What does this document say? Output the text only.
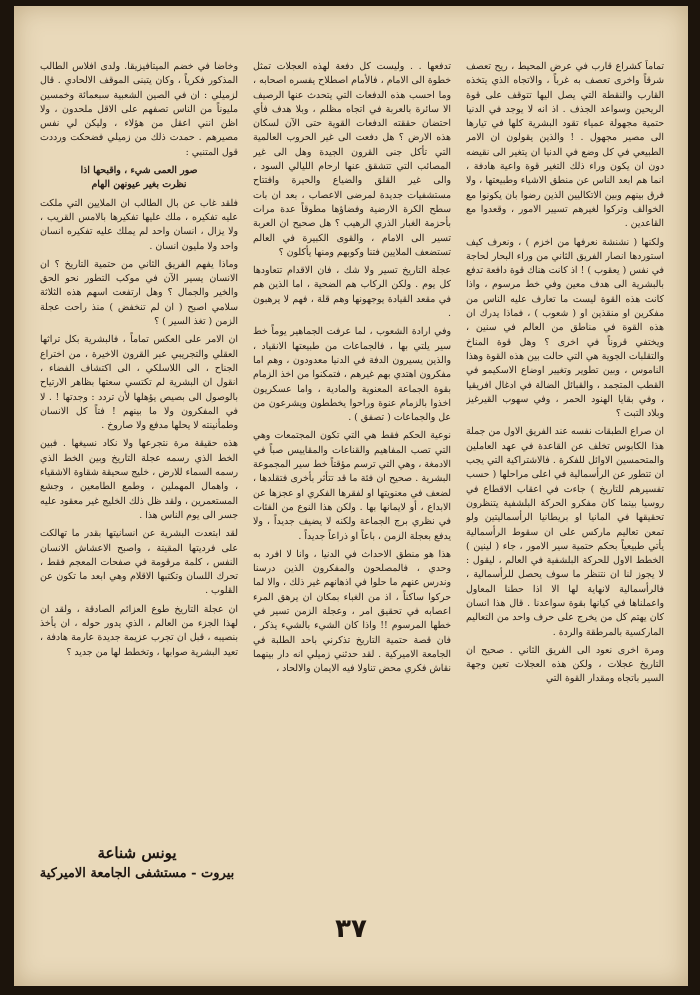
تماماً كشراع قارب في عرض المحيط ، ريح تعصف شرقاً واخرى تعصف به غرباً ، والاتجاه الذي يتخذه القارب والنقطة التي يصل اليها تتوقف على قوة الريحين وسواعد الجذف . اذ انه لا يوجد في الدنيا حتمية مجهولة عمياء تقود البشرية كلها في تيارها الى مصير مجهول . ! والذين يقولون ان الامر الطبيعي في كل وضع في الدنيا ان يتغير الى نقيضه دون ان يكون وراء ذلك التغير قوة واعية هادفة ، انما هم ابعد الناس عن منطق الاشياء وطبيعتها ، ولا فرق بينهم وبين الاتكاليين الذين رضوا بان يكونوا مع الخوالف وتركوا لغيرهم تسيير الامور ، وقعدوا مع القاعدين .

ولكنها ( نشنشة نعرفها من اخزم ) ، ونعرف كيف استوردها انصار الفريق الثاني من وراء البحار لحاجة في نفس ( يعقوب ) ! اذ كانت هناك قوة دافعة تدفع بالبشرية الى هدف معين وفي خط مرسوم ، واذا كانت هذه القوة ليست ما تعارف عليه الناس من مفكرين او منقذين او ( شعوب ) ، فماذا يدرك ان هذه القوة في مناطق من العالم في سنين ، ويختفي قروناً في اخرى ؟ وهل قوة المناخ والتقلبات الجوية هي التي حالت بين هذه القوة وهذا الناموس ، وبين تطوير وتغيير اوضاع الاسكيمو في القطب المتجمد ، والقبائل الضالة في ادغال افريقيا ، وفي بقايا الهنود الحمر ، وفي سهوب القيرغيز وبلاد التبت ؟

ان صراع الطبقات نفسه عند الفريق الاول من جملة هذا الكابوس تخلف عن القاعدة في عهد العاملين والمتحمسين الاوائل للفكرة . فالاشتراكية التي يجب ان تتطور عن الرأسمالية في اعلى مراحلها ( حسب تفسيرهم للتاريخ ) جاءت في اعقاب الاقطاع في روسيا بينما كان مفكرو الحركة البلشفية يتنظرون تحقيقها في المانيا او بريطانيا الرأسماليتين ولو تمعن تعاليم ماركس على ان سقوط الرأسمالية يأتي طبيعياً بحكم حتمية سير الامور ، جاء ( لينين ) الخطط الاول للحركة البلشفية في العالم ، ليقول : لا يجوز لنا ان نتنظر ما سوف يحصل للرأسمالية ، فالرأسمالية لانهاية لها الا اذا حطنا المعاول واعملناها في كيانها بقوة سواعدنا . قال هذا انسان كان يهتم كل من يخرج على حرف واحد من التعاليم الماركسية بالمرطقة والردة .

ومرة اخرى نعود الى الفريق الثاني . صحيح ان التاريخ عجلات ، ولكن هذه العجلات تعين وجهة السير باتجاه ومقدار القوة التي

تدفعها . . وليست كل دفعة لهذه العجلات تمثل خطوة الى الامام ، فالأمام اصطلاح يفسره اصحابه ، وما احسب هذه الدفعات التي يتحدث عنها الرصيف الا سائرة بالعربة في اتجاه مظلم ، وبلا هدف فأي احتضان حققته الدفعات القوية حتى الآن لسكان هذه الارض ؟ هل دفعت الى غير الحروب العالمية التي تأكل جنى القرون الجيدة وهل الى غير المصائب التي تتشقق عنها ارحام الليالي السود ، والى غير القلق والضياع والحيرة وافتتاح مستشفيات جديدة لمرضى الاعصاب ، بعد ان بات سطح الكرة الارضية وفضاؤها مطوقاً عدة مرات بأحزمة الغبار الذري الرهيب ؟ هل صحيح ان العربة تسير الى الامام ، والقوى الكبيرة في العالم تستضعف الملايين فتنا وكوبهم ومنها يأكلون ؟

عجلة التاريخ تسير ولا شك ، فان الاقدام تتعاودها كل يوم . ولكن الركاب هم الضحية ، اما الذين هم في مقعد القيادة يوجهونها وهم قلة ، فهم لا يرهبون .

وفي ارادة الشعوب ، لما عرفت الجماهير يوماً خط سير يلتي بها ، فالجماعات من طبيعتها الانقياد ، والذين يسيرون الدفة في الدنيا معدودون ، وهم اما مفكرون اهتدي بهم غيرهم ، فتمكنوا من اخذ الزمام بقوة الجماعة المعنوية والمادية ، واما عسكريون اخذوا بالزمام عنوة وراحوا يخططون ويشرعون من عل والجماعات ( تصفق ) .

نوعية الحكم فقط هي التي تكون المجتمعات وهي التي تصب المفاهيم والقناعات والمقاييس صباً في الادمغة ، وهي التي ترسم مؤقتاً خط سير المجموعة البشرية . صحيح ان فئة ما قد تتأثر بأخرى فتقلدها ، لضعف في معنويتها او لفقرها الفكري او عجزها عن الابداع ، أو لايمانها بها . ولكن هذا النوع من الفئات في نظري برج الجماعة ولكنه لا يضيف جديداً ، ولا يدفع بعجلة الزمن ، باعاً او ذراعاً جديداً .

هذا هو منطق الاحداث في الدنيا ، وانا لا افرد به وحدي ، فالمصلحون والمفكرون الذين درسنا وندرس عنهم ما حلوا في اذهانهم غير ذلك ، والا لما حركوا ساكناً ، اذ من الغباء بمكان ان يرهق المرء اعصابه في تحقيق امر ، وعجلة الزمن تسير في خطها المرسوم !! واذا كان الشيء بالشيء يذكر ، فان قصة حتمية التاريخ تذكرني باحد الطلبة في الجامعة الاميركية . لقد حدثني زميلي انه دار بينهما نقاش فكري محض تناولا فيه الايمان والالحاد ،

وخاضا في خضم الميتافيزيقا. ولدى افلاس الطالب المذكور فكرياً ، وكان يتبنى الموقف الالحادي . قال لزميلي : ان في الصين الشعبية سبعمائة وخمسين مليوناً من الناس تصفهم على الاقل ملحدون ، ولا اظن انني اعقل من هؤلاء ، وليكن لي نفس مصيرهم . حمدت ذلك من زميلي فضحكت ورددت قول المتنبي :

صور العمى شيء ، واقبحها اذا
نظرت بغير عيونهن الهام

فلقد غاب عن بال الطالب ان الملايين التي ملكت عليه تفكيره ، ملك عليها تفكيرها بالامس القريب ، ولا يزال ، انسان واحد لم يملك عليه تفكيره انسان واحد ولا مليون انسان .

وماذا يفهم الفريق الثاني من حتمية التاريخ ؟ ان الانسان يسير الآن في موكب التطور نحو الحق والخير والجمال ؟ وهل ارتفعت اسهم هذه الثلاثة سلامي اصبح ( ان لم تنخفض ) منذ راحت عجلة الزمن ( تغذ السير ) ؟

ان الامر على العكس تماماً ، فالبشرية بكل تراثها العقلي والتجريبي عبر القرون الاخيرة ، من اختراع الجناح ، الى اللاسلكي ، الى اكتشاف الفضاء ، انقول ان البشرية لم تكتسي سعتها بظاهر الارتياح بالوصول الى بصيص يؤهلها لأن تردد : وجدتها ! . لا في المفكرون ولا ما بينهم ! فتاً كل الانسان وطمأنينته لا يحلها مدفع ولا صاروخ .

هذه حقيقة مرة نتجرعها ولا نكاد نسيغها . فبين الخط الذي رسمه عجلة التاريخ وبين الخط الذي رسمه السماء للارض ، خليج سحيقة شقاوة الاشقياء ، واهمال المهملين ، وطمع الطامعين ، وجشع المستعمرين ، ولقد ظل ذلك الخليج غير معقود عليه جسر الى يوم الناس هذا .

لقد ابتعدت البشرية عن انسانيتها بقدر ما تهالكت على فرديتها المقيتة ، واصبح الاعشاش الانسان النفس ، كلمة مرقومة في صفحات المعجم فقط ، تحرك اللسان وتكتبها الاقلام وهي ابعد ما تكون عن القلوب .

ان عجلة التاريخ طوع العزائم الصادقة ، ولقد ان لهذا الجزء من العالم ، الذي يدور حوله ، ان يأخذ بنصيبه ، قبل ان تجرب عزيمة جديدة عارمة هادفة ، تعيد البشرية صوابها ، وتخطط لها من جديد ؟

يونس شناعة
بيروت - مستشفى الجامعة الاميركية
٣٧
